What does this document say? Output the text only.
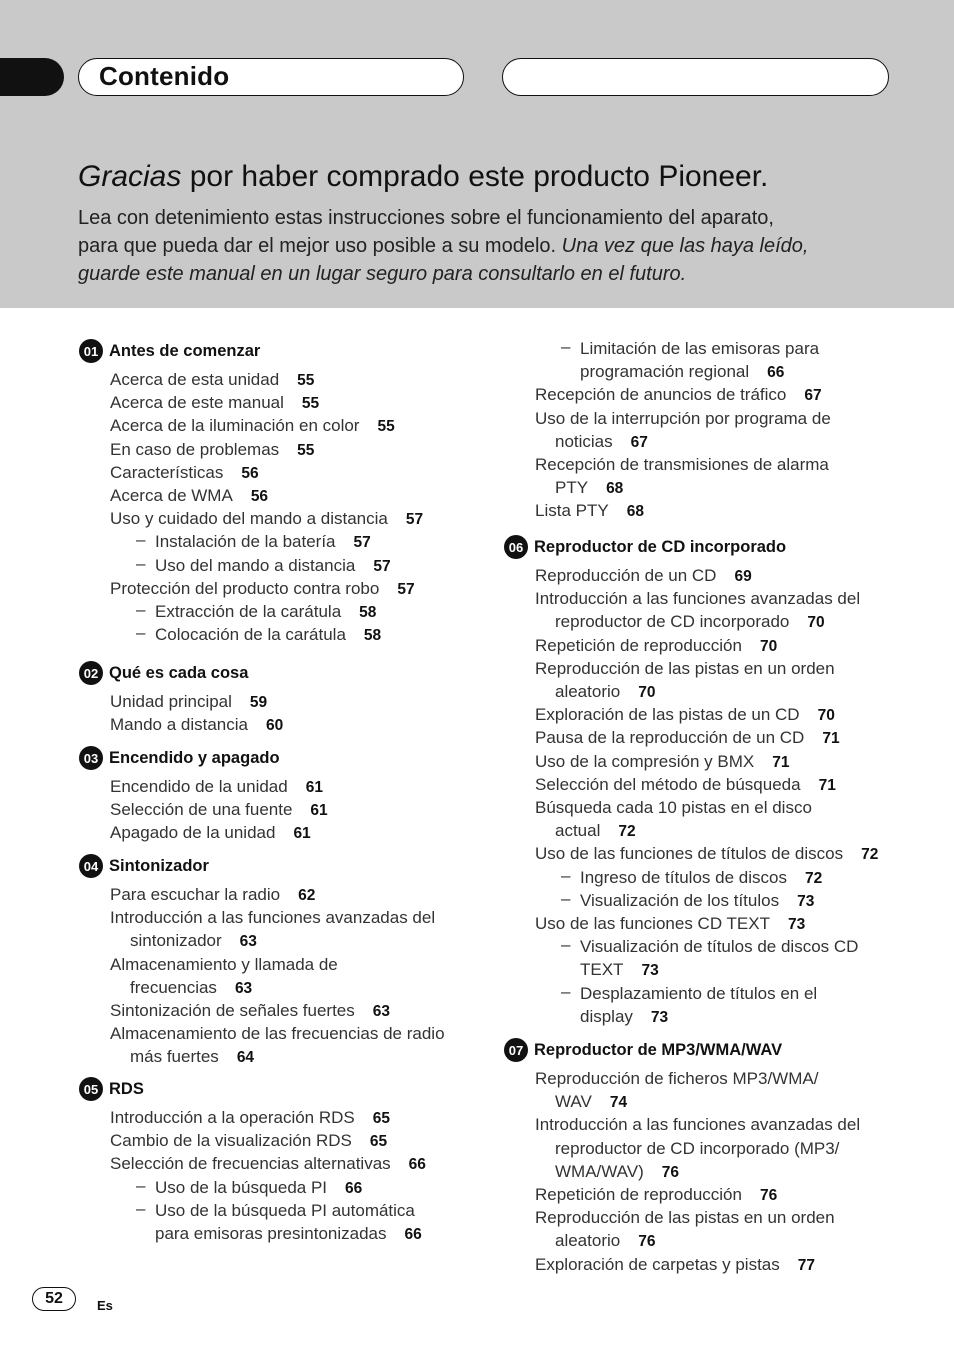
Contenido
Gracias por haber comprado este producto Pioneer.
Lea con detenimiento estas instrucciones sobre el funcionamiento del aparato,
para que pueda dar el mejor uso posible a su modelo. Una vez que las haya leído,
guarde este manual en un lugar seguro para consultarlo en el futuro.
01 Antes de comenzar
Acerca de esta unidad 55
Acerca de este manual 55
Acerca de la iluminación en color 55
En caso de problemas 55
Características 56
Acerca de WMA 56
Uso y cuidado del mando a distancia 57
– Instalación de la batería 57
– Uso del mando a distancia 57
Protección del producto contra robo 57
– Extracción de la carátula 58
– Colocación de la carátula 58
02 Qué es cada cosa
Unidad principal 59
Mando a distancia 60
03 Encendido y apagado
Encendido de la unidad 61
Selección de una fuente 61
Apagado de la unidad 61
04 Sintonizador
Para escuchar la radio 62
Introducción a las funciones avanzadas del
sintonizador 63
Almacenamiento y llamada de
frecuencias 63
Sintonización de señales fuertes 63
Almacenamiento de las frecuencias de radio
más fuertes 64
05 RDS
Introducción a la operación RDS 65
Cambio de la visualización RDS 65
Selección de frecuencias alternativas 66
– Uso de la búsqueda PI 66
– Uso de la búsqueda PI automática
para emisoras presintonizadas 66
– Limitación de las emisoras para
programación regional 66
Recepción de anuncios de tráfico 67
Uso de la interrupción por programa de
noticias 67
Recepción de transmisiones de alarma
PTY 68
Lista PTY 68
06 Reproductor de CD incorporado
Reproducción de un CD 69
Introducción a las funciones avanzadas del
reproductor de CD incorporado 70
Repetición de reproducción 70
Reproducción de las pistas en un orden
aleatorio 70
Exploración de las pistas de un CD 70
Pausa de la reproducción de un CD 71
Uso de la compresión y BMX 71
Selección del método de búsqueda 71
Búsqueda cada 10 pistas en el disco
actual 72
Uso de las funciones de títulos de discos 72
– Ingreso de títulos de discos 72
– Visualización de los títulos 73
Uso de las funciones CD TEXT 73
– Visualización de títulos de discos CD
TEXT 73
– Desplazamiento de títulos en el
display 73
07 Reproductor de MP3/WMA/WAV
Reproducción de ficheros MP3/WMA/
WAV 74
Introducción a las funciones avanzadas del
reproductor de CD incorporado (MP3/
WMA/WAV) 76
Repetición de reproducción 76
Reproducción de las pistas en un orden
aleatorio 76
Exploración de carpetas y pistas 77
52	Es
